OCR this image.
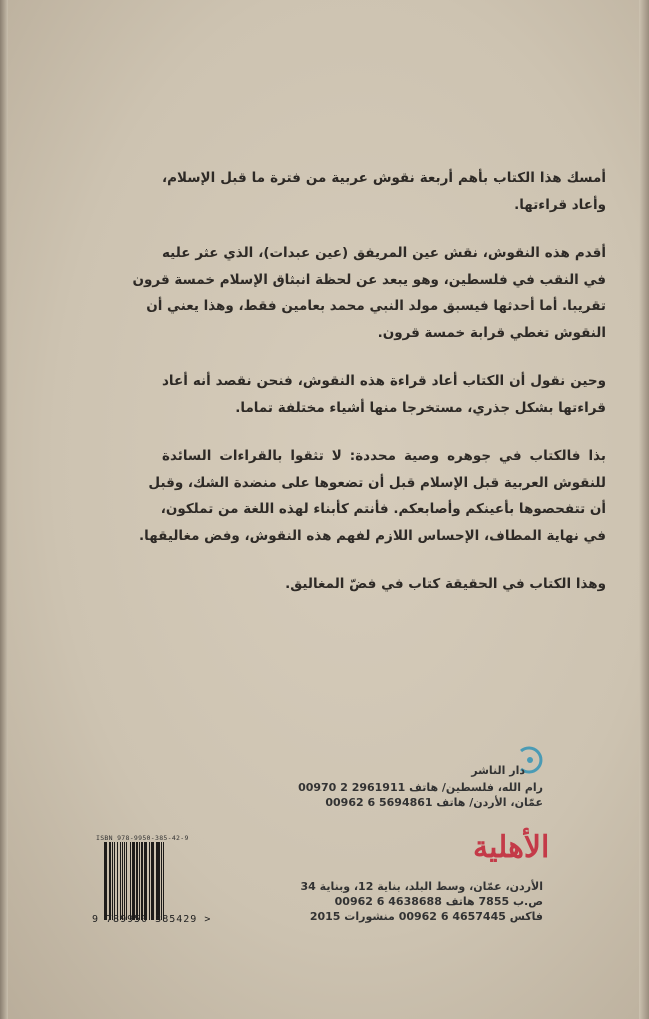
أمسك هذا الكتاب بأهم أربعة نقوش عربية من فترة ما قبل الإسلام،
وأعاد قراءتها.
أقدم هذه النقوش، نقش عين المريفق (عين عبدات)، الذي عثر عليه
في النقب في فلسطين، وهو يبعد عن لحظة انبثاق الإسلام خمسة قرون
تقريبا. أما أحدثها فيسبق مولد النبي محمد بعامين فقط، وهذا يعني أن
النقوش تغطي قرابة خمسة قرون.
وحين نقول أن الكتاب أعاد قراءة هذه النقوش، فنحن نقصد أنه أعاد
قراءتها بشكل جذري، مستخرجا منها أشياء مختلفة تماما.
بذا فالكتاب في جوهره وصية محددة: لا تثقوا بالقراءات السائدة
للنقوش العربية قبل الإسلام قبل أن تضعوها على منضدة الشك، وقبل
أن تتفحصوها بأعينكم وأصابعكم. فأنتم كأبناء لهذه اللغة من تملكون،
في نهاية المطاف، الإحساس اللازم لفهم هذه النقوش، وفض مغاليقها.
وهذا الكتاب في الحقيقة كتاب في فضّ المغاليق.
دار الناشر
رام الله، فلسطين/ هاتف 2961911 2 00970
عمّان، الأردن/ هاتف 5694861 6 00962
الأهلية
الأردن، عمّان، وسط البلد، بناية 12، وبناية 34
ص.ب 7855 هاتف 4638688 6 00962
فاكس 4657445 6 00962 منشورات 2015
ISBN 978-9950-385-42-9
9 789950 385429 >
